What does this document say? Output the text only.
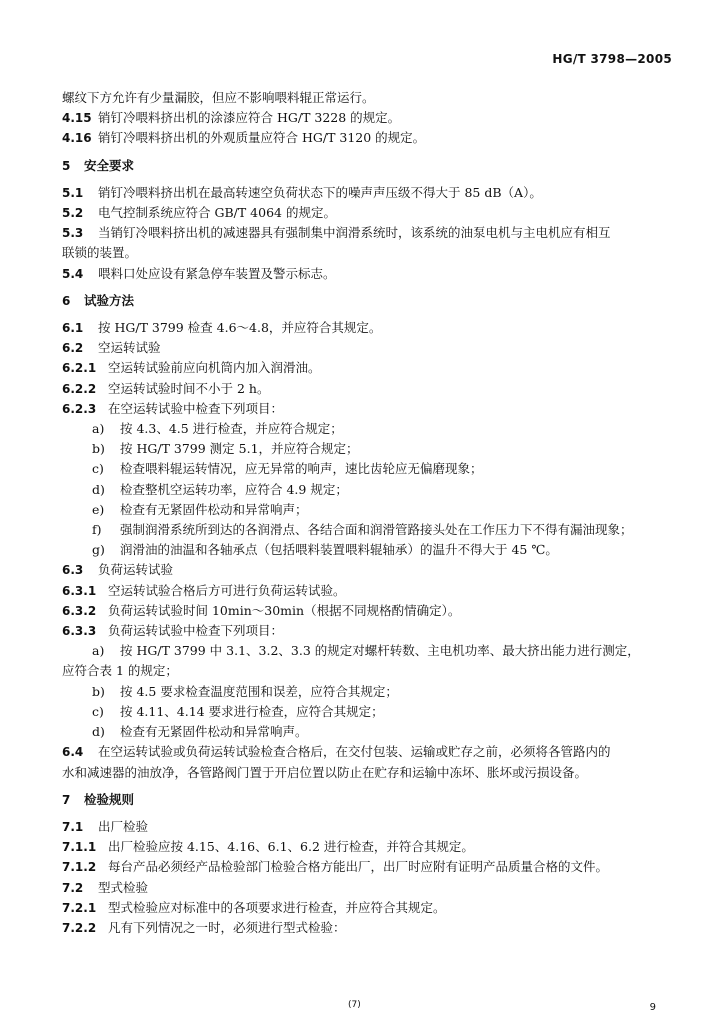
HG/T 3798—2005
螺纹下方允许有少量漏胶，但应不影响喂料辊正常运行。
4.15 销钉冷喂料挤出机的涂漆应符合 HG/T 3228 的规定。
4.16 销钉冷喂料挤出机的外观质量应符合 HG/T 3120 的规定。
5 安全要求
5.1 销钉冷喂料挤出机在最高转速空负荷状态下的噪声声压级不得大于 85 dB（A）。
5.2 电气控制系统应符合 GB/T 4064 的规定。
5.3 当销钉冷喂料挤出机的减速器具有强制集中润滑系统时，该系统的油泵电机与主电机应有相互
联锁的装置。
5.4 喂料口处应设有紧急停车装置及警示标志。
6 试验方法
6.1 按 HG/T 3799 检查 4.6～4.8，并应符合其规定。
6.2 空运转试验
6.2.1 空运转试验前应向机筒内加入润滑油。
6.2.2 空运转试验时间不小于 2 h。
6.2.3 在空运转试验中检查下列项目：
a) 按 4.3、4.5 进行检查，并应符合规定；
b) 按 HG/T 3799 测定 5.1，并应符合规定；
c) 检查喂料辊运转情况，应无异常的响声，速比齿轮应无偏磨现象；
d) 检查整机空运转功率，应符合 4.9 规定；
e) 检查有无紧固件松动和异常响声；
f) 强制润滑系统所到达的各润滑点、各结合面和润滑管路接头处在工作压力下不得有漏油现象；
g) 润滑油的油温和各轴承点（包括喂料装置喂料辊轴承）的温升不得大于 45 ℃。
6.3 负荷运转试验
6.3.1 空运转试验合格后方可进行负荷运转试验。
6.3.2 负荷运转试验时间 10min～30min（根据不同规格酌情确定）。
6.3.3 负荷运转试验中检查下列项目：
a) 按 HG/T 3799 中 3.1、3.2、3.3 的规定对螺杆转数、主电机功率、最大挤出能力进行测定，
应符合表 1 的规定；
b) 按 4.5 要求检查温度范围和误差，应符合其规定；
c) 按 4.11、4.14 要求进行检查，应符合其规定；
d) 检查有无紧固件松动和异常响声。
6.4 在空运转试验或负荷运转试验检查合格后，在交付包装、运输或贮存之前，必须将各管路内的
水和减速器的油放净，各管路阀门置于开启位置以防止在贮存和运输中冻坏、胀坏或污损设备。
7 检验规则
7.1 出厂检验
7.1.1 出厂检验应按 4.15、4.16、6.1、6.2 进行检查，并符合其规定。
7.1.2 每台产品必须经产品检验部门检验合格方能出厂，出厂时应附有证明产品质量合格的文件。
7.2 型式检验
7.2.1 型式检验应对标准中的各项要求进行检查，并应符合其规定。
7.2.2 凡有下列情况之一时，必须进行型式检验：
(7)	9
